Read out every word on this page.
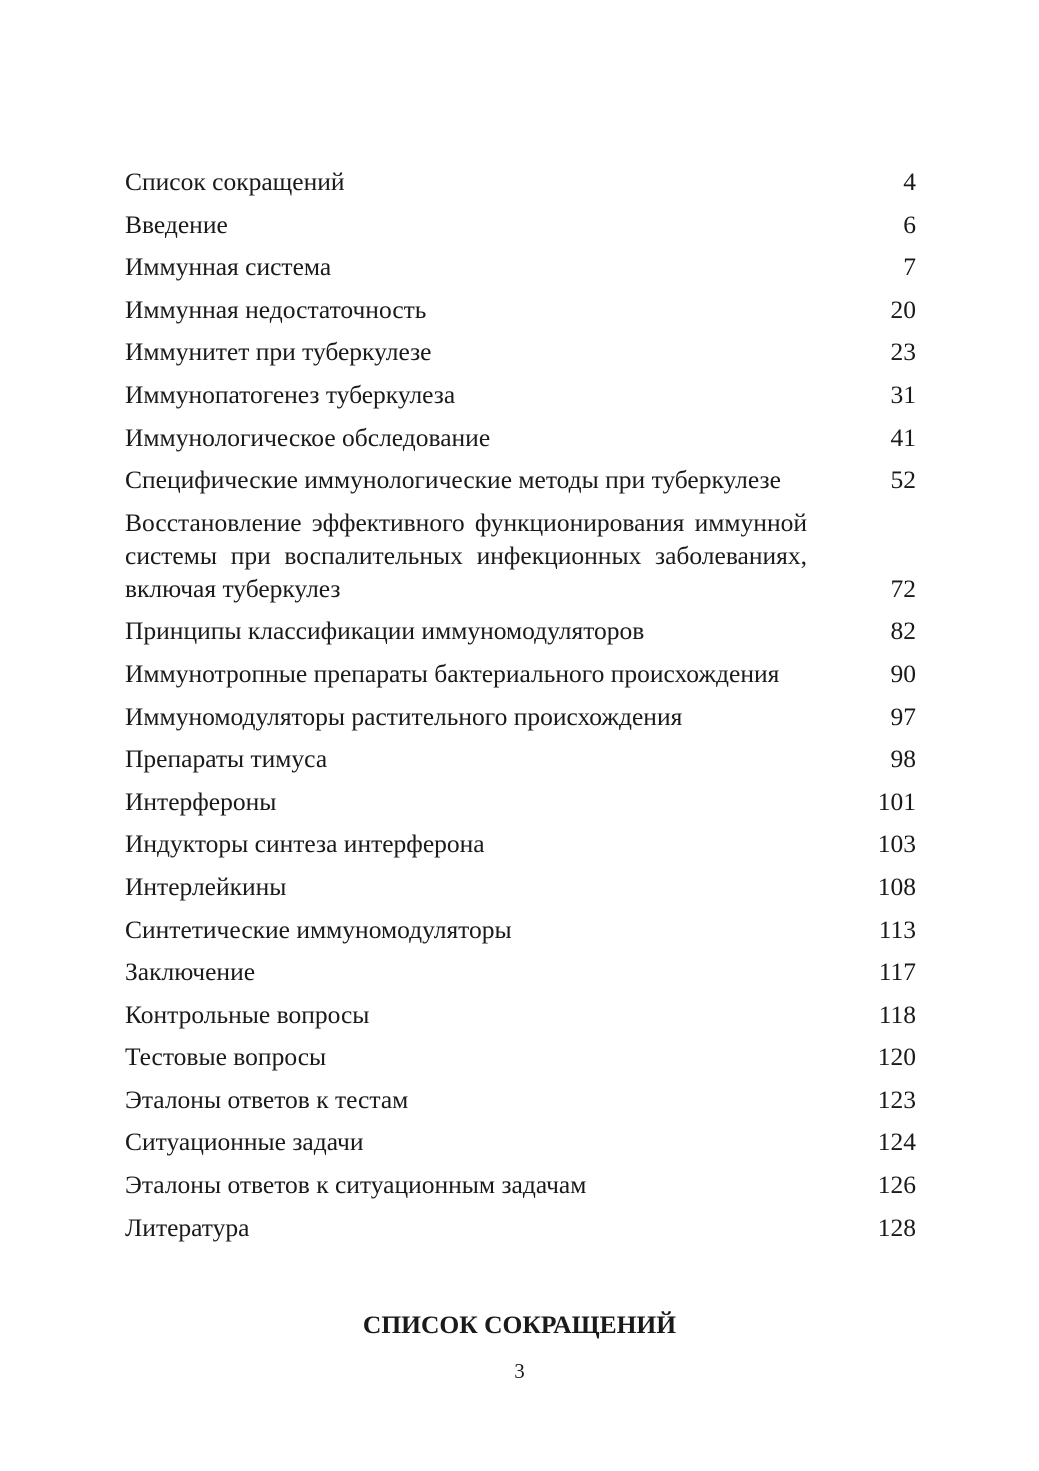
Список сокращений	4
Введение	6
Иммунная система	7
Иммунная недостаточность	20
Иммунитет при туберкулезе	23
Иммунопатогенез туберкулеза	31
Иммунологическое обследование	41
Специфические иммунологические методы при туберкулезе	52
Восстановление эффективного функционирования иммунной системы при воспалительных инфекционных заболеваниях, включая туберкулез	72
Принципы классификации иммуномодуляторов	82
Иммунотропные препараты бактериального происхождения	90
Иммуномодуляторы растительного происхождения	97
Препараты тимуса	98
Интерфероны	101
Индукторы синтеза интерферона	103
Интерлейкины	108
Синтетические иммуномодуляторы	113
Заключение	117
Контрольные вопросы	118
Тестовые вопросы	120
Эталоны ответов к тестам	123
Ситуационные задачи	124
Эталоны ответов к ситуационным задачам	126
Литература	128
СПИСОК СОКРАЩЕНИЙ
3
